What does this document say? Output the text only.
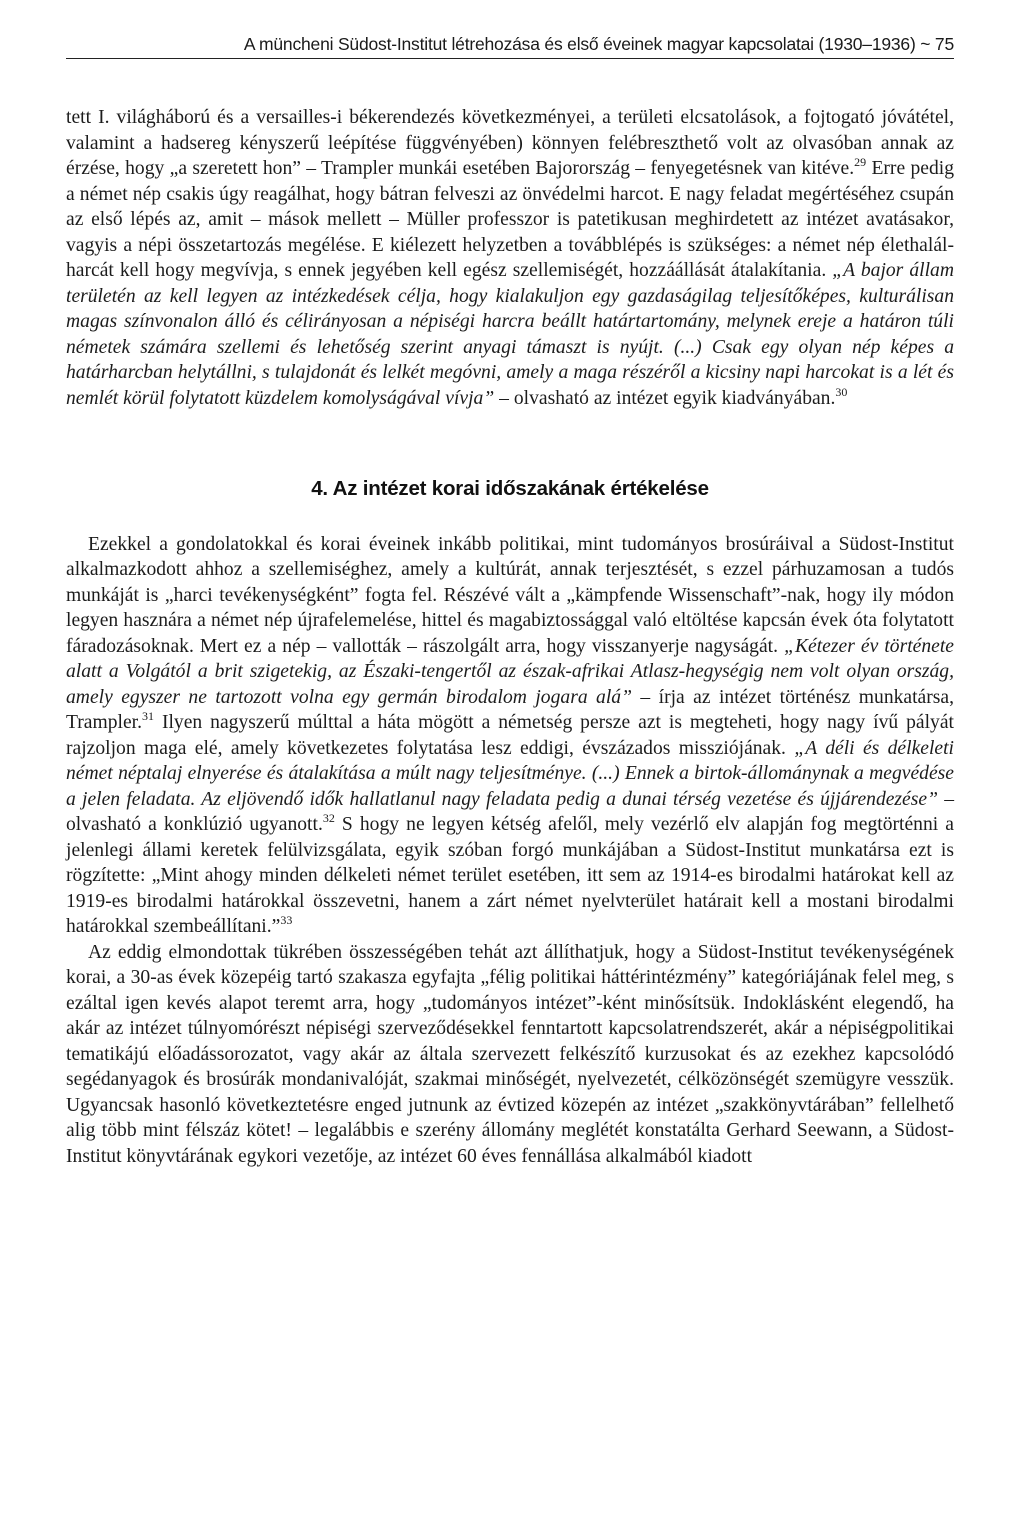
A müncheni Südost-Institut létrehozása és első éveinek magyar kapcsolatai (1930–1936) ~ 75

tett I. világháború és a versailles-i békerendezés következményei, a területi elcsatolások, a fojtogató jóvátétel, valamint a hadsereg kényszerű leépítése függvényében) könnyen felébreszthető volt az olvasóban annak az érzése, hogy „a szeretett hon” – Trampler munkái esetében Bajorország – fenyegetésnek van kitéve.$^{29}$ Erre pedig a német nép csakis úgy reagálhat, hogy bátran felveszi az önvédelmi harcot. E nagy feladat megértéséhez csupán az első lépés az, amit – mások mellett – Müller professzor is patetikusan meghirdetett az intézet avatásakor, vagyis a népi összetartozás megélése. E kiélezett helyzetben a továbblépés is szükséges: a német nép élethalál-harcát kell hogy megvívja, s ennek jegyében kell egész szellemiségét, hozzáállását átalakítania. „A bajor állam területén az kell legyen az intézkedések célja, hogy kialakuljon egy gazdaságilag teljesítőképes, kulturálisan magas színvonalon álló és célirányosan a népiségi harcra beállt határtartomány, melynek ereje a határon túli németek számára szellemi és lehetőség szerint anyagi támaszt is nyújt. (...) Csak egy olyan nép képes a határharcban helytállni, s tulajdonát és lelkét megóvni, amely a maga részéről a kicsiny napi harcokat is a lét és nemlét körül folytatott küzdelem komolyságával vívja” – olvasható az intézet egyik kiadványában.$^{30}$

4. Az intézet korai időszakának értékelése

Ezekkel a gondolatokkal és korai éveinek inkább politikai, mint tudományos brosúráival a Südost-Institut alkalmazkodott ahhoz a szellemiséghez, amely a kultúrát, annak terjesztését, s ezzel párhuzamosan a tudós munkáját is „harci tevékenységként” fogta fel. Részévé vált a „kämpfende Wissenschaft”-nak, hogy ily módon legyen hasznára a német nép újrafelemelése, hittel és magabiztossággal való eltöltése kapcsán évek óta folytatott fáradozásoknak. Mert ez a nép – vallották – rászolgált arra, hogy visszanyerje nagyságát. „Kétezer év története alatt a Volgától a brit szigetekig, az Északi-tengertől az észak-afrikai Atlasz-hegységig nem volt olyan ország, amely egyszer ne tartozott volna egy germán birodalom jogara alá” – írja az intézet történész munkatársa, Trampler.$^{31}$ Ilyen nagyszerű múlttal a háta mögött a németség persze azt is megteheti, hogy nagy ívű pályát rajzoljon maga elé, amely következetes folytatása lesz eddigi, évszázados missziójának. „A déli és délkeleti német néptalaj elnyerése és átalakítása a múlt nagy teljesítménye. (...) Ennek a birtok-állománynak a megvédése a jelen feladata. Az eljövendő idők hallatlanul nagy feladata pedig a dunai térség vezetése és újjárendezése” – olvasható a konklúzió ugyanott.$^{32}$ S hogy ne legyen kétség afelől, mely vezérlő elv alapján fog megtörténni a jelenlegi állami keretek felülvizsgálata, egyik szóban forgó munkájában a Südost-Institut munkatársa ezt is rögzítette: „Mint ahogy minden délkeleti német terület esetében, itt sem az 1914-es birodalmi határokat kell az 1919-es birodalmi határokkal összevetni, hanem a zárt német nyelvterület határait kell a mostani birodalmi határokkal szembeállítani.”$^{33}$

Az eddig elmondottak tükrében összességében tehát azt állíthatjuk, hogy a Südost-Institut tevékenységének korai, a 30-as évek közepéig tartó szakasza egyfajta „félig politikai háttérintézmény” kategóriájának felel meg, s ezáltal igen kevés alapot teremt arra, hogy „tudományos intézet”-ként minősítsük. Indoklásként elegendő, ha akár az intézet túlnyomórészt népiségi szerveződésekkel fenntartott kapcsolatrendszerét, akár a népiségpolitikai tematikájú előadássorozatot, vagy akár az általa szervezett felkészítő kurzusokat és az ezekhez kapcsolódó segédanyagok és brosúrák mondanivalóját, szakmai minőségét, nyelvezetét, célközönségét szemügyre vesszük. Ugyancsak hasonló következtetésre enged jutnunk az évtized közepén az intézet „szakkönyvtárában” fellelhető alig több mint félszáz kötet! – legalábbis e szerény állomány meglétét konstatálta Gerhard Seewann, a Südost-Institut könyvtárának egykori vezetője, az intézet 60 éves fennállása alkalmából kiadott
